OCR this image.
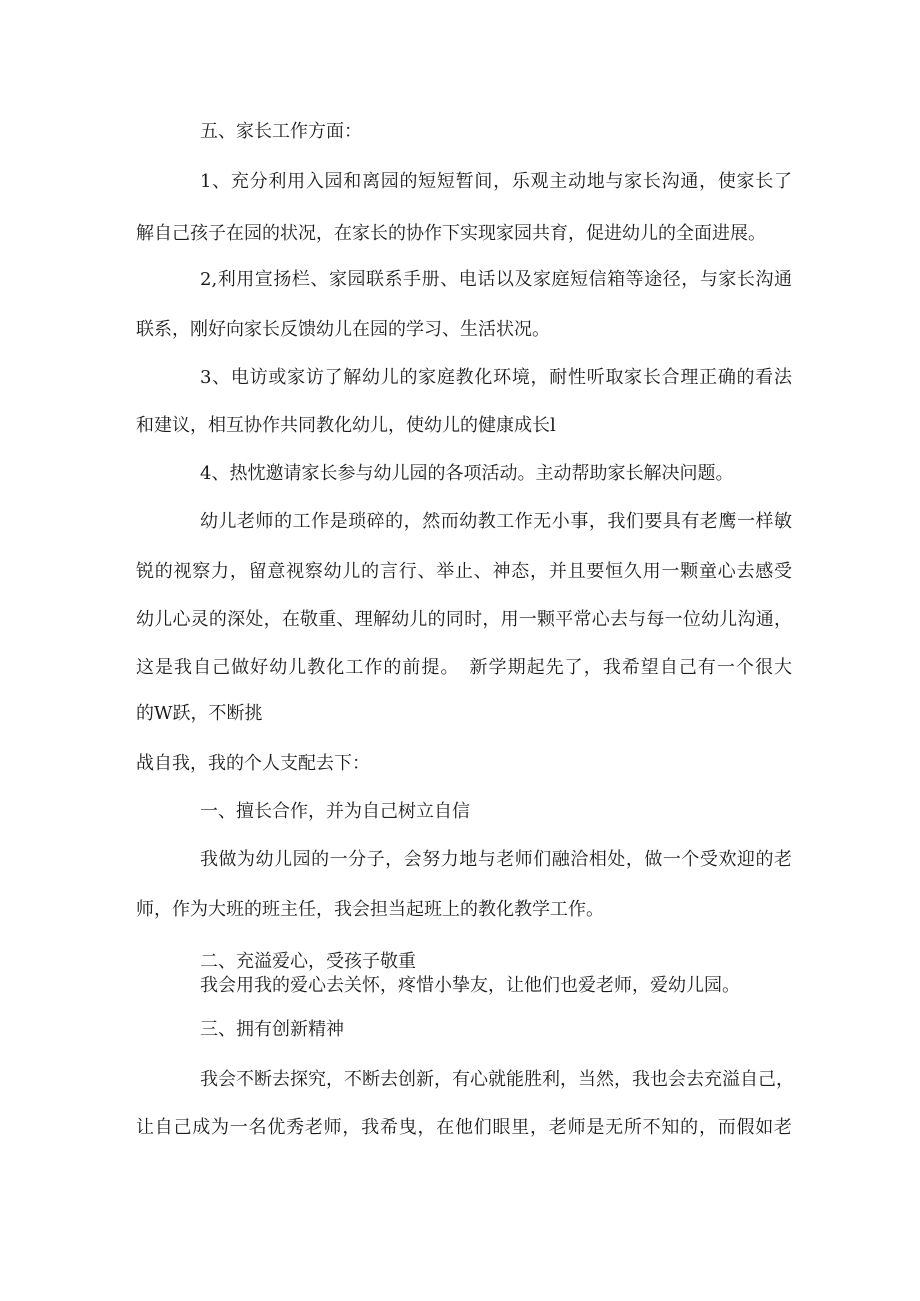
五、家长工作方面：
1、充分利用入园和离园的短短暂间，乐观主动地与家长沟通，使家长了
解自己孩子在园的状况，在家长的协作下实现家园共育，促进幼儿的全面进展。
2,利用宣扬栏、家园联系手册、电话以及家庭短信箱等途径，与家长沟通
联系，刚好向家长反馈幼儿在园的学习、生活状况。
3、电访或家访了解幼儿的家庭教化环境，耐性听取家长合理正确的看法
和建议，相互协作共同教化幼儿，使幼儿的健康成长l
4、热忱邀请家长参与幼儿园的各项活动。主动帮助家长解决问题。
幼儿老师的工作是琐碎的，然而幼教工作无小事，我们要具有老鹰一样敏
锐的视察力，留意视察幼儿的言行、举止、神态，并且要恒久用一颗童心去感受
幼儿心灵的深处，在敬重、理解幼儿的同时，用一颗平常心去与每一位幼儿沟通，
这是我自己做好幼儿教化工作的前提。　新学期起先了，我希望自己有一个很大
的W跃，不断挑
战自我，我的个人支配去下：
一、擅长合作，并为自己树立自信
我做为幼儿园的一分子，会努力地与老师们融洽相处，做一个受欢迎的老
师，作为大班的班主任，我会担当起班上的教化教学工作。
二、充溢爱心，受孩子敬重
我会用我的爱心去关怀，疼惜小挚友，让他们也爱老师，爱幼儿园。
三、拥有创新精神
我会不断去探究，不断去创新，有心就能胜利，当然，我也会去充溢自己，
让自己成为一名优秀老师，我希曳，在他们眼里，老师是无所不知的，而假如老
